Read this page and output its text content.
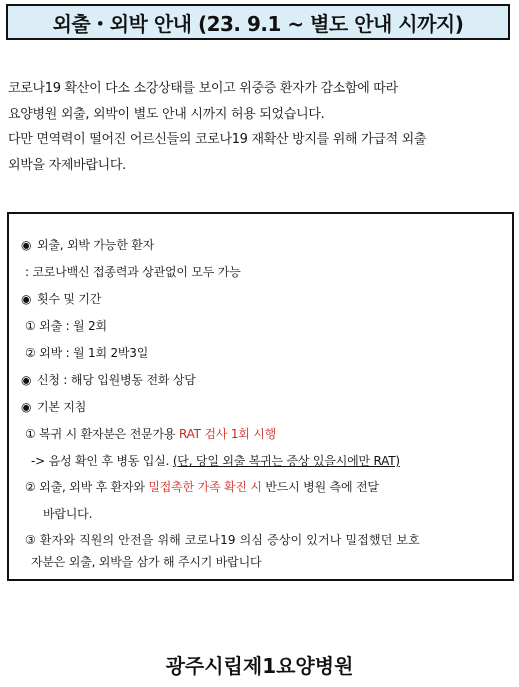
외출・외박 안내 (23. 9.1 ~ 별도 안내 시까지)

코로나19 확산이 다소 소강상태를 보이고 위중증 환자가 감소함에 따라

요양병원 외출, 외박이 별도 안내 시까지 허용 되었습니다.

다만 면역력이 떨어진 어르신들의 코로나19 재확산 방지를 위해 가급적 외출

외박을 자제바랍니다.

◉ 외출, 외박 가능한 환자
: 코로나백신 접종력과 상관없이 모두 가능
◉ 횟수 및 기간
① 외출 : 월 2회
② 외박 : 월 1회 2박3일
◉ 신청 : 해당 입원병동 전화 상담
◉ 기본 지침
① 복귀 시 환자분은 전문가용 RAT 검사 1회 시행
-> 음성 확인 후 병동 입실. (단, 당일 외출 복귀는 증상 있을시에만 RAT)
② 외출, 외박 후 환자와 밀접촉한 가족 확진 시 반드시 병원 측에 전달
바랍니다.
③ 환자와 직원의 안전을 위해 코로나19 의심 증상이 있거나 밀접했던 보호
자분은 외출, 외박을 삼가 해 주시기 바랍니다
광주시립제1요양병원
